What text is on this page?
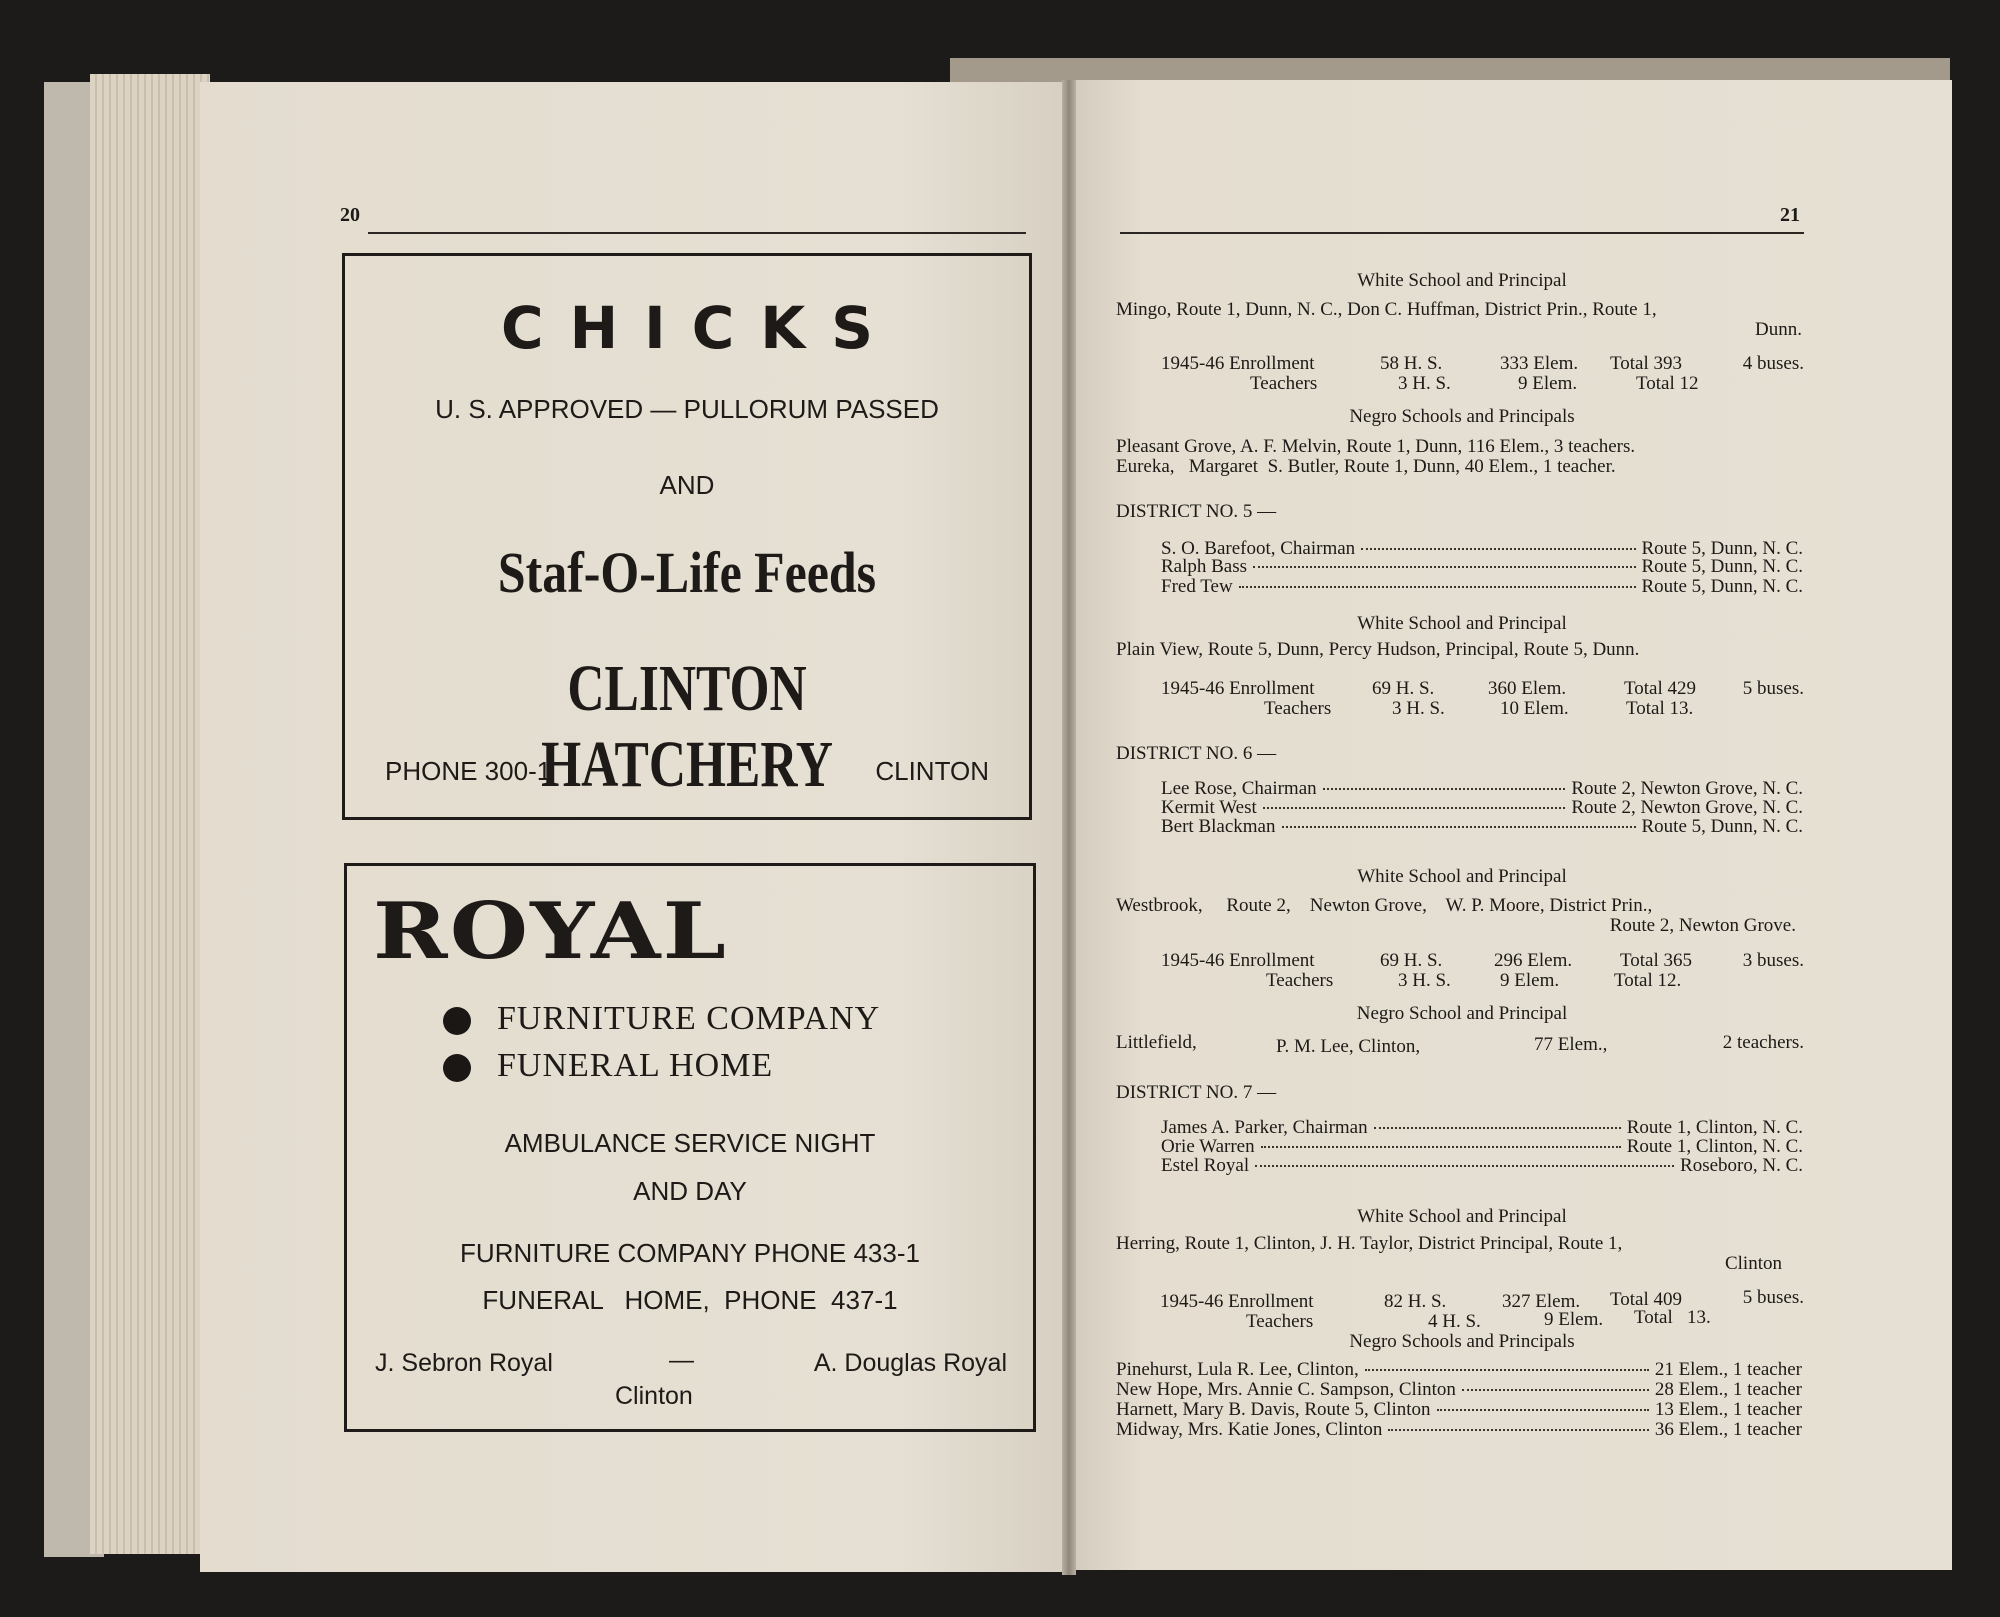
20
CHICKS
U. S. APPROVED — PULLORUM PASSED
AND
Staf-O-Life Feeds
CLINTON HATCHERY
PHONE 300-1	CLINTON
ROYAL
FURNITURE COMPANY
FUNERAL HOME
AMBULANCE SERVICE NIGHT
AND DAY
FURNITURE COMPANY PHONE 433-1
FUNERAL   HOME,  PHONE  437-1
J. Sebron Royal	—	A. Douglas Royal
Clinton
21
White School and Principal
Mingo, Route 1, Dunn, N. C., Don C. Huffman, District Prin., Route 1,
Dunn.
1945-46 Enrollment	58 H. S.	333 Elem. Total 393	4 buses.
Teachers	3 H. S.	9 Elem.	Total 12
Negro Schools and Principals
Pleasant Grove, A. F. Melvin, Route 1, Dunn, 116 Elem., 3 teachers.
Eureka,   Margaret  S. Butler, Route 1, Dunn, 40 Elem., 1 teacher.
DISTRICT NO. 5 —
White School and Principal
Plain View, Route 5, Dunn, Percy Hudson, Principal, Route 5, Dunn.
1945-46 Enrollment	69 H. S.	360 Elem.	Total 429 5 buses.
Teachers	3 H. S.	10 Elem.	Total 13.
DISTRICT NO. 6 —
White School and Principal
Westbrook,     Route 2,    Newton Grove,    W. P. Moore, District Prin.,
Route 2, Newton Grove.
1945-46 Enrollment	69 H. S.	296 Elem.	Total 365	3 buses.
Teachers	3 H. S.	9 Elem.	Total 12.
Negro School and Principal
Littlefield,	P. M. Lee, Clinton,	77 Elem.,	2 teachers.
DISTRICT NO. 7 —
White School and Principal
Herring, Route 1, Clinton, J. H. Taylor, District Principal, Route 1,
Clinton
1945-46 Enrollment	82 H. S.	327 Elem. Total 409	5 buses.
Teachers	4 H. S.	9 Elem. Total   13.
Negro Schools and Principals
S. O. Barefoot, Chairman	Route 5, Dunn, N. C.
Ralph Bass	Route 5, Dunn, N. C.
Fred Tew	Route 5, Dunn, N. C.
Lee Rose, Chairman	Route 2, Newton Grove, N. C.
Kermit West	Route 2, Newton Grove, N. C.
Bert Blackman	Route 5, Dunn, N. C.
James A. Parker, Chairman	Route 1, Clinton, N. C.
Orie Warren	Route 1, Clinton, N. C.
Estel Royal	Roseboro, N. C.
Pinehurst, Lula R. Lee, Clinton,	21 Elem., 1 teacher
New Hope, Mrs. Annie C. Sampson, Clinton	28 Elem., 1 teacher
Harnett, Mary B. Davis, Route 5, Clinton	13 Elem., 1 teacher
Midway, Mrs. Katie Jones, Clinton	36 Elem., 1 teacher
